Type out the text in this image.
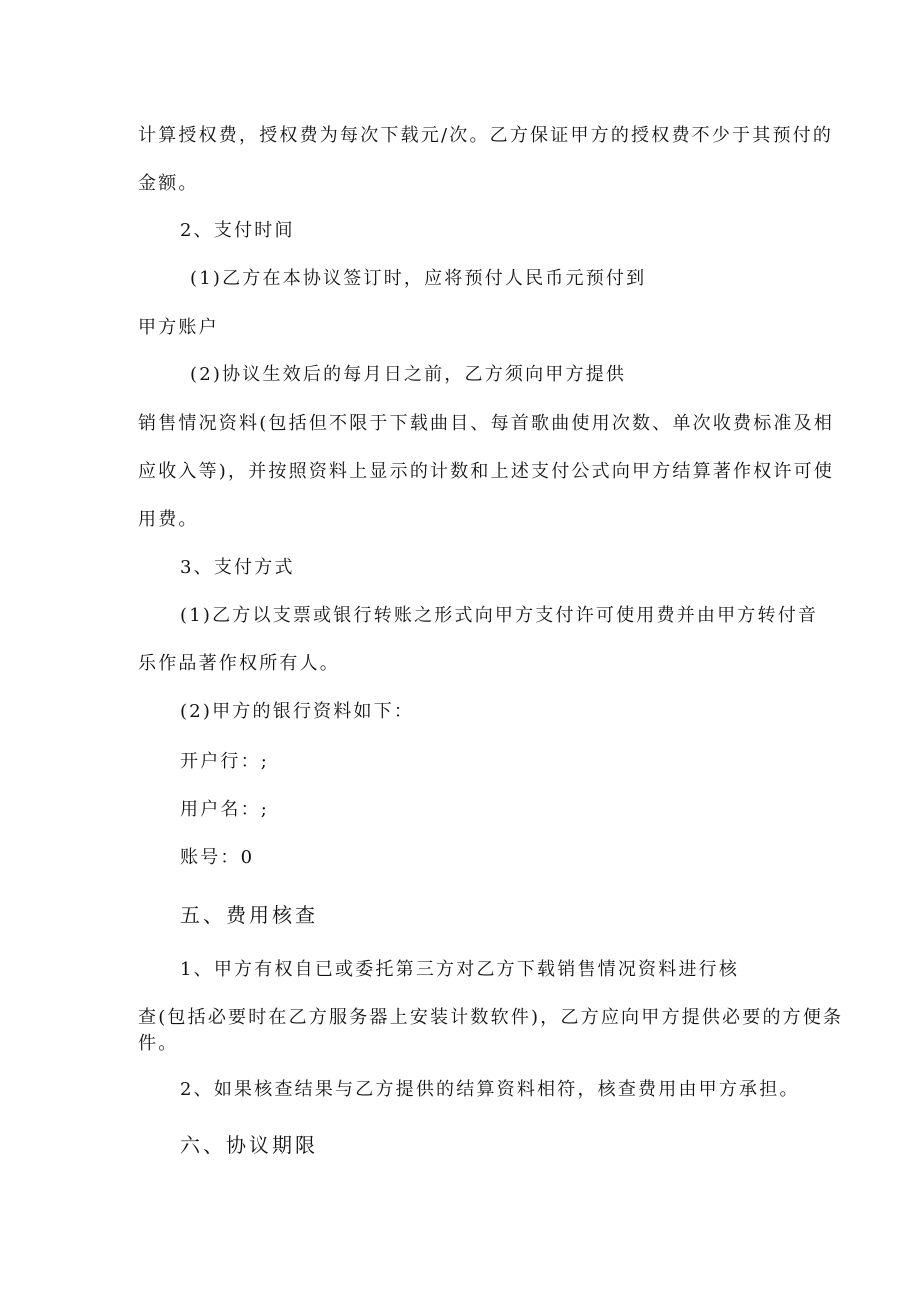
计算授权费，授权费为每次下载元/次。乙方保证甲方的授权费不少于其预付的
金额。
2、支付时间
(1)乙方在本协议签订时，应将预付人民币元预付到
甲方账户
(2)协议生效后的每月日之前，乙方须向甲方提供
销售情况资料(包括但不限于下载曲目、每首歌曲使用次数、单次收费标准及相
应收入等)，并按照资料上显示的计数和上述支付公式向甲方结算著作权许可使
用费。
3、支付方式
(1)乙方以支票或银行转账之形式向甲方支付许可使用费并由甲方转付音
乐作品著作权所有人。
(2)甲方的银行资料如下：
开户行：;
用户名：;
账号：0
五、费用核查
1、甲方有权自已或委托第三方对乙方下载销售情况资料进行核
查(包括必要时在乙方服务器上安装计数软件)，乙方应向甲方提供必要的方便条
件。
2、如果核查结果与乙方提供的结算资料相符，核查费用由甲方承担。
六、协议期限
